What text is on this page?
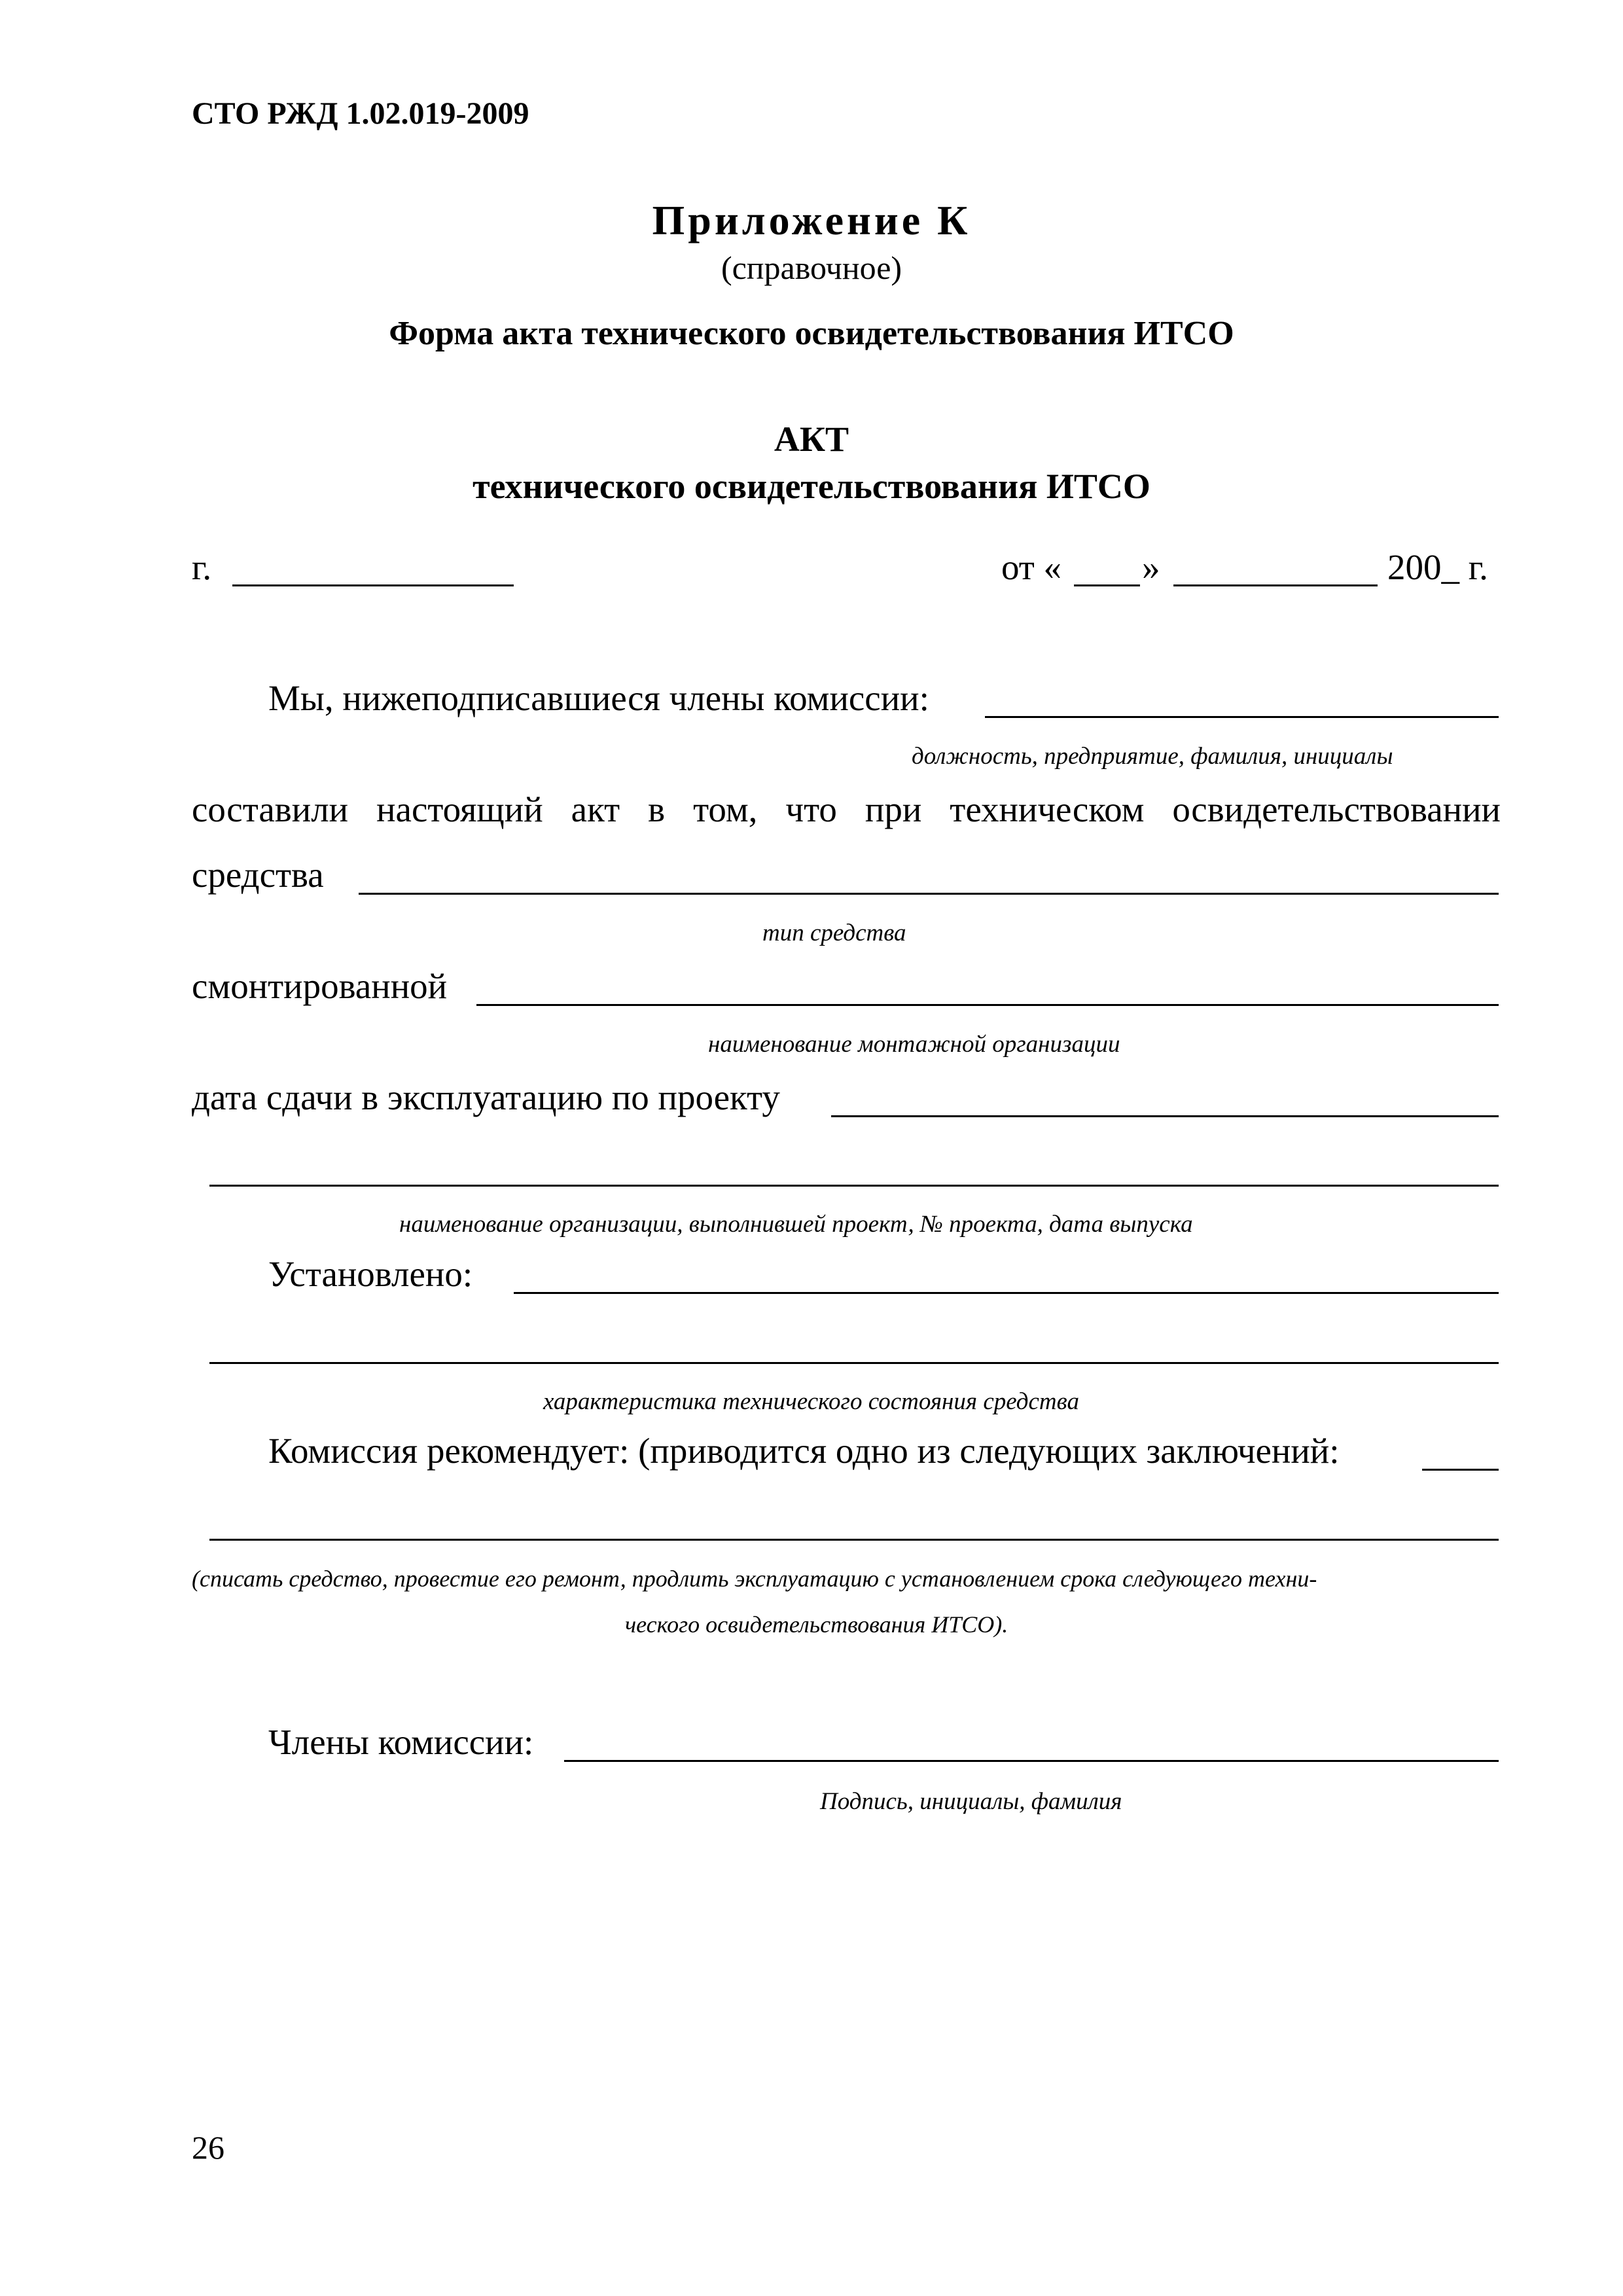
СТО РЖД 1.02.019-2009
Приложение К
(справочное)
Форма акта технического освидетельствования ИТСО
АКТ
технического освидетельствования ИТСО
г.	от « »	200_ г.
Мы, нижеподписавшиеся члены комиссии:
должность, предприятие, фамилия, инициалы
составили настоящий акт в том, что при техническом освидетельствовании
средства
тип средства
смонтированной
наименование монтажной организации
дата сдачи в эксплуатацию по проекту
наименование организации, выполнившей проект, № проекта, дата выпуска
Установлено:
характеристика технического состояния средства
Комиссия рекомендует: (приводится одно из следующих заключений:
(списать средство, провестие его ремонт, продлить эксплуатацию с установлением срока следующего техни-
ческого освидетельствования ИТСО).
Члены комиссии:
Подпись, инициалы, фамилия
26
